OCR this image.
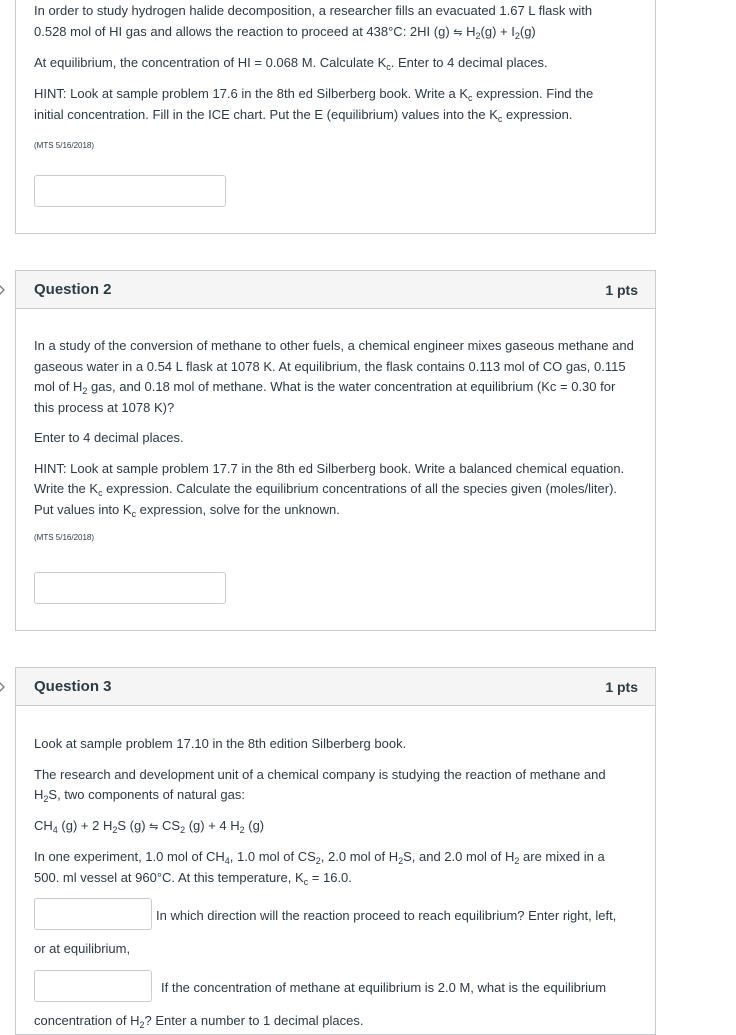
In order to study hydrogen halide decomposition, a researcher fills an evacuated 1.67 L flask with

0.528 mol of HI gas and allows the reaction to proceed at 438°C: 2HI (g) ⇋ $H_2(g) + I_2(g)$

At equilibrium, the concentration of HI = 0.068 M. Calculate $K_c$. Enter to 4 decimal places.

HINT: Look at sample problem 17.6 in the 8th ed Silberberg book. Write a $K_c$ expression. Find the
initial concentration. Fill in the ICE chart. Put the E (equilibrium) values into the $K_c$ expression.

(MTS 5/16/2018)

Question 2	1 pts

In a study of the conversion of methane to other fuels, a chemical engineer mixes gaseous methane and gaseous water in a 0.54 L flask at 1078 K. At equilibrium, the flask contains 0.113 mol of CO gas, 0.115 mol of $H_2$ gas, and 0.18 mol of methane. What is the water concentration at equilibrium (Kc = 0.30 for this process at 1078 K)?

Enter to 4 decimal places.

HINT: Look at sample problem 17.7 in the 8th ed Silberberg book. Write a balanced chemical equation. Write the $K_c$ expression. Calculate the equilibrium concentrations of all the species given (moles/liter). Put values into $K_c$ expression, solve for the unknown.

(MTS 5/16/2018)

Question 3	1 pts

Look at sample problem 17.10 in the 8th edition Silberberg book.

The research and development unit of a chemical company is studying the reaction of methane and
$H_2S$, two components of natural gas:

$CH_4$ (g) + 2 $H_2S$ (g) ⇋ $CS_2$ (g) + 4 $H_2$ (g)

In one experiment, 1.0 mol of $CH_4$, 1.0 mol of $CS_2$, 2.0 mol of $H_2S$, and 2.0 mol of $H_2$ are mixed in a
500. ml vessel at 960°C. At this temperature, $K_c = 16.0$.

In which direction will the reaction proceed to reach equilibrium? Enter right, left,

or at equilibrium,

If the concentration of methane at equilibrium is 2.0 M, what is the equilibrium

concentration of $H_2$? Enter a number to 1 decimal places.
